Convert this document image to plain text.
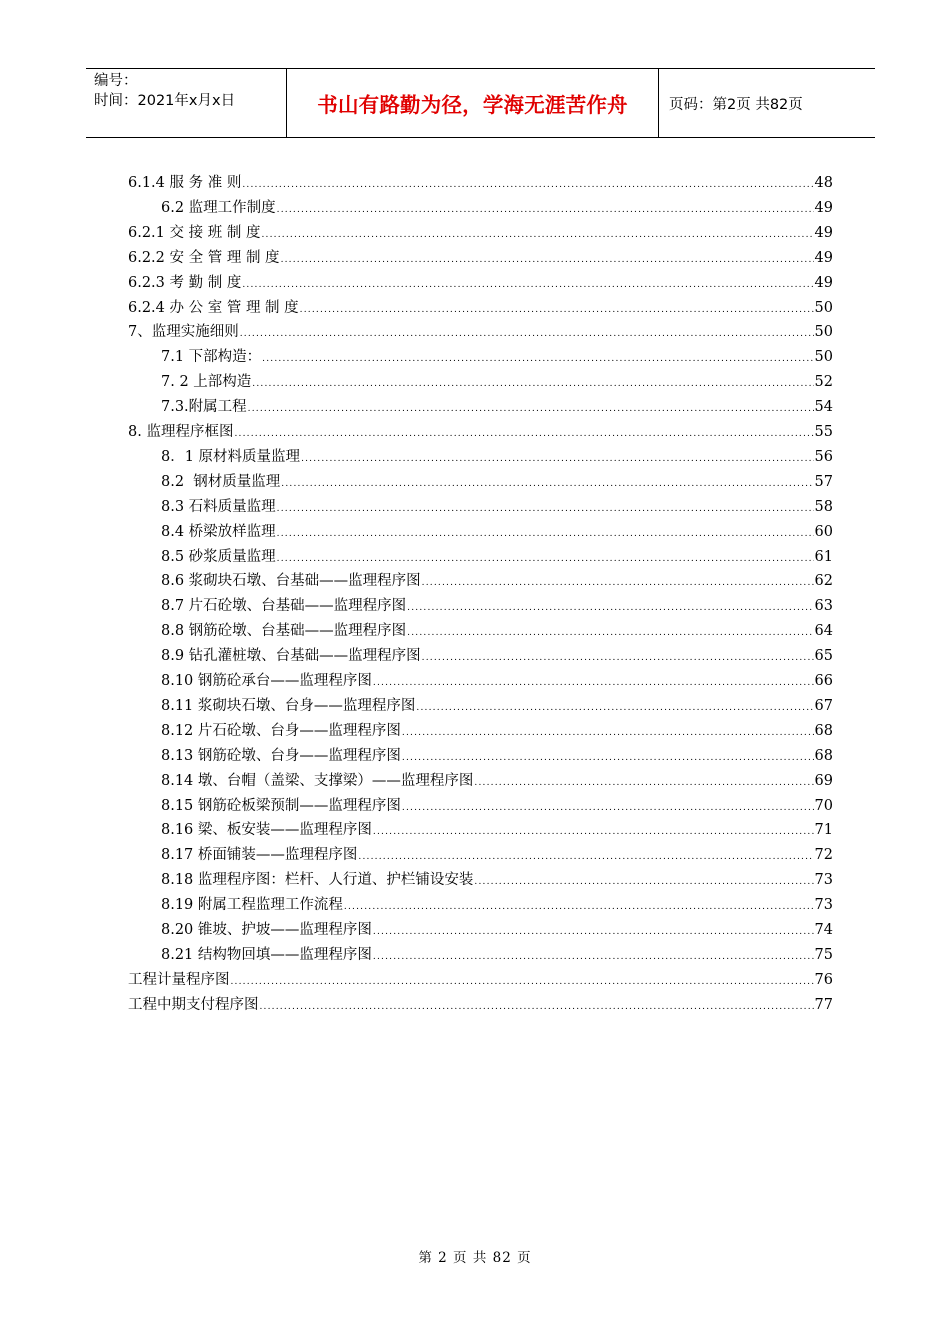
编号：
时间：2021年x月x日	书山有路勤为径，学海无涯苦作舟	页码：第2页 共82页
6.1.4 服 务 准 则 .....	48
6.2 监理工作制度 .....	49
6.2.1 交 接 班 制 度 .....	49
6.2.2 安 全 管 理 制 度 .....	49
6.2.3 考 勤 制 度 .....	49
6.2.4 办 公 室 管 理 制 度 .....	50
7、监理实施细则 .....	50
7.1 下部构造： .....	50
7. 2 上部构造 .....	52
7.3.附属工程 .....	54
8. 监理程序框图 .....	55
8．1 原材料质量监理 .....	56
8.2  钢材质量监理 .....	57
8.3 石料质量监理 .....	58
8.4 桥梁放样监理 .....	60
8.5 砂浆质量监理 .....	61
8.6 浆砌块石墩、台基础——监理程序图 .....	62
8.7 片石砼墩、台基础——监理程序图 .....	63
8.8 钢筋砼墩、台基础——监理程序图 .....	64
8.9 钻孔灌桩墩、台基础——监理程序图 .....	65
8.10 钢筋砼承台——监理程序图 .....	66
8.11 浆砌块石墩、台身——监理程序图 .....	67
8.12 片石砼墩、台身——监理程序图 .....	68
8.13 钢筋砼墩、台身——监理程序图 .....	68
8.14 墩、台帽（盖梁、支撑梁）——监理程序图 .....	69
8.15 钢筋砼板梁预制——监理程序图 .....	70
8.16 梁、板安装——监理程序图 .....	71
8.17 桥面铺装——监理程序图 .....	72
8.18 监理程序图：栏杆、人行道、护栏铺设安装 .....	73
8.19 附属工程监理工作流程 .....	73
8.20 锥坡、护坡——监理程序图 .....	74
8.21 结构物回填——监理程序图 .....	75
工程计量程序图 .....	76
工程中期支付程序图 .....	77
第 2 页 共 82 页
